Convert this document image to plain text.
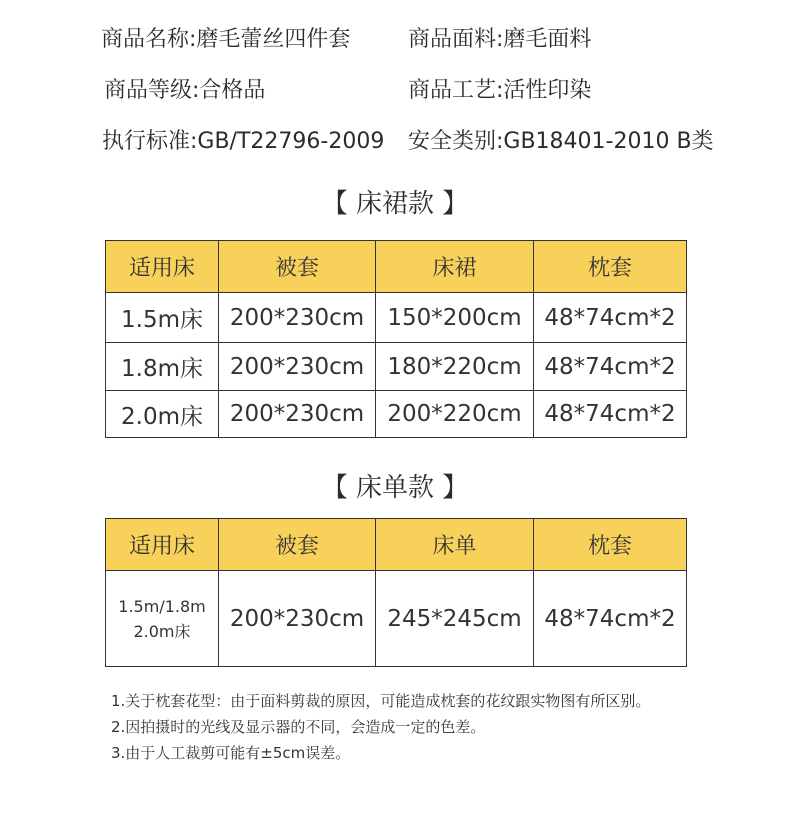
商品名称:磨毛蕾丝四件套	商品面料:磨毛面料
商品等级:合格品	商品工艺:活性印染
执行标准:GB/T22796-2009 安全类别:GB18401-2010 B类
【 床裙款 】
适用床	被套	床裙	枕套
1.5m床	200*230cm	150*200cm	48*74cm*2
1.8m床	200*230cm	180*220cm	48*74cm*2
2.0m床	200*230cm	200*220cm	48*74cm*2
【 床单款 】
适用床	被套	床单	枕套

1.5m/1.8m
2.0m床	200*230cm	245*245cm	48*74cm*2
1.关于枕套花型：由于面料剪裁的原因，可能造成枕套的花纹跟实物图有所区别。
2.因拍摄时的光线及显示器的不同，会造成一定的色差。
3.由于人工裁剪可能有±5cm误差。
